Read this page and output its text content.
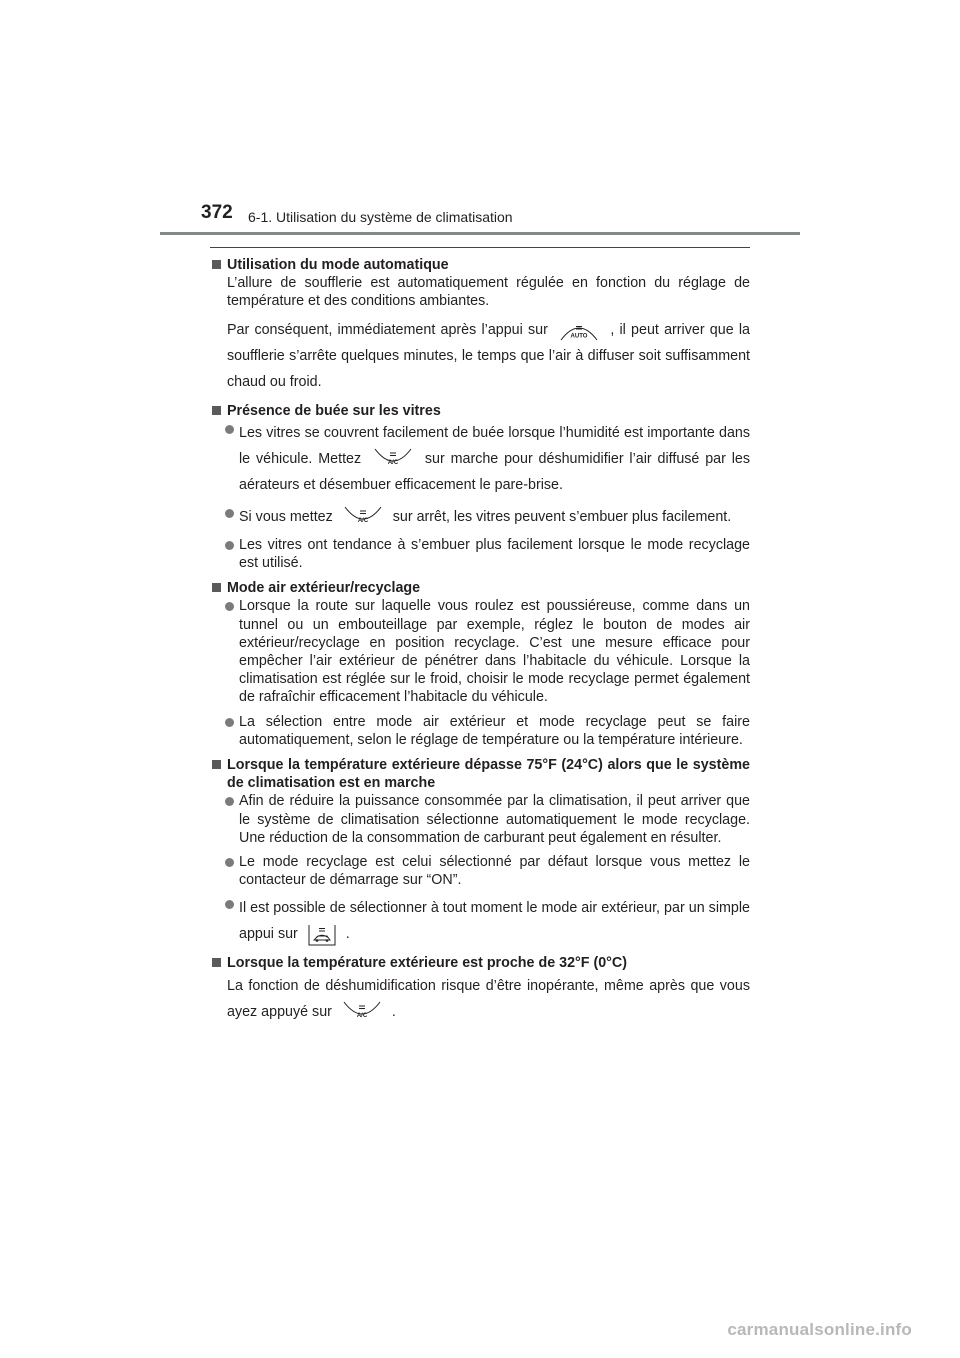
372 6-1. Utilisation du système de climatisation
Utilisation du mode automatique
L’allure de soufflerie est automatiquement régulée en fonction du réglage de température et des conditions ambiantes.
Par conséquent, immédiatement après l’appui sur	AUTO , il peut arriver que la soufflerie s’arrête quelques minutes, le temps que l’air à diffuser soit suffisamment chaud ou froid.
Présence de buée sur les vitres
Les vitres se couvrent facilement de buée lorsque l’humidité est importante dans le véhicule. Mettez	A/C sur marche pour déshumidifier l’air diffusé par les aérateurs et désembuer efficacement le pare-brise.
Si vous mettez	A/C sur arrêt, les vitres peuvent s’embuer plus facilement.
Les vitres ont tendance à s’embuer plus facilement lorsque le mode recyclage est utilisé.
Mode air extérieur/recyclage
Lorsque la route sur laquelle vous roulez est poussiéreuse, comme dans un tunnel ou un embouteillage par exemple, réglez le bouton de modes air extérieur/recyclage en position recyclage. C’est une mesure efficace pour empêcher l’air extérieur de pénétrer dans l’habitacle du véhicule. Lorsque la climatisation est réglée sur le froid, choisir le mode recyclage permet également de rafraîchir efficacement l’habitacle du véhicule.
La sélection entre mode air extérieur et mode recyclage peut se faire automatiquement, selon le réglage de température ou la température intérieure.
Lorsque la température extérieure dépasse 75°F (24°C) alors que le système de climatisation est en marche
Afin de réduire la puissance consommée par la climatisation, il peut arriver que le système de climatisation sélectionne automatiquement le mode recyclage. Une réduction de la consommation de carburant peut également en résulter.
Le mode recyclage est celui sélectionné par défaut lorsque vous mettez le contacteur de démarrage sur “ON”.
Il est possible de sélectionner à tout moment le mode air extérieur, par un simple appui sur	.
Lorsque la température extérieure est proche de 32°F (0°C)
La fonction de déshumidification risque d’être inopérante, même après que vous ayez appuyé sur	A/C .
carmanualsonline.info
